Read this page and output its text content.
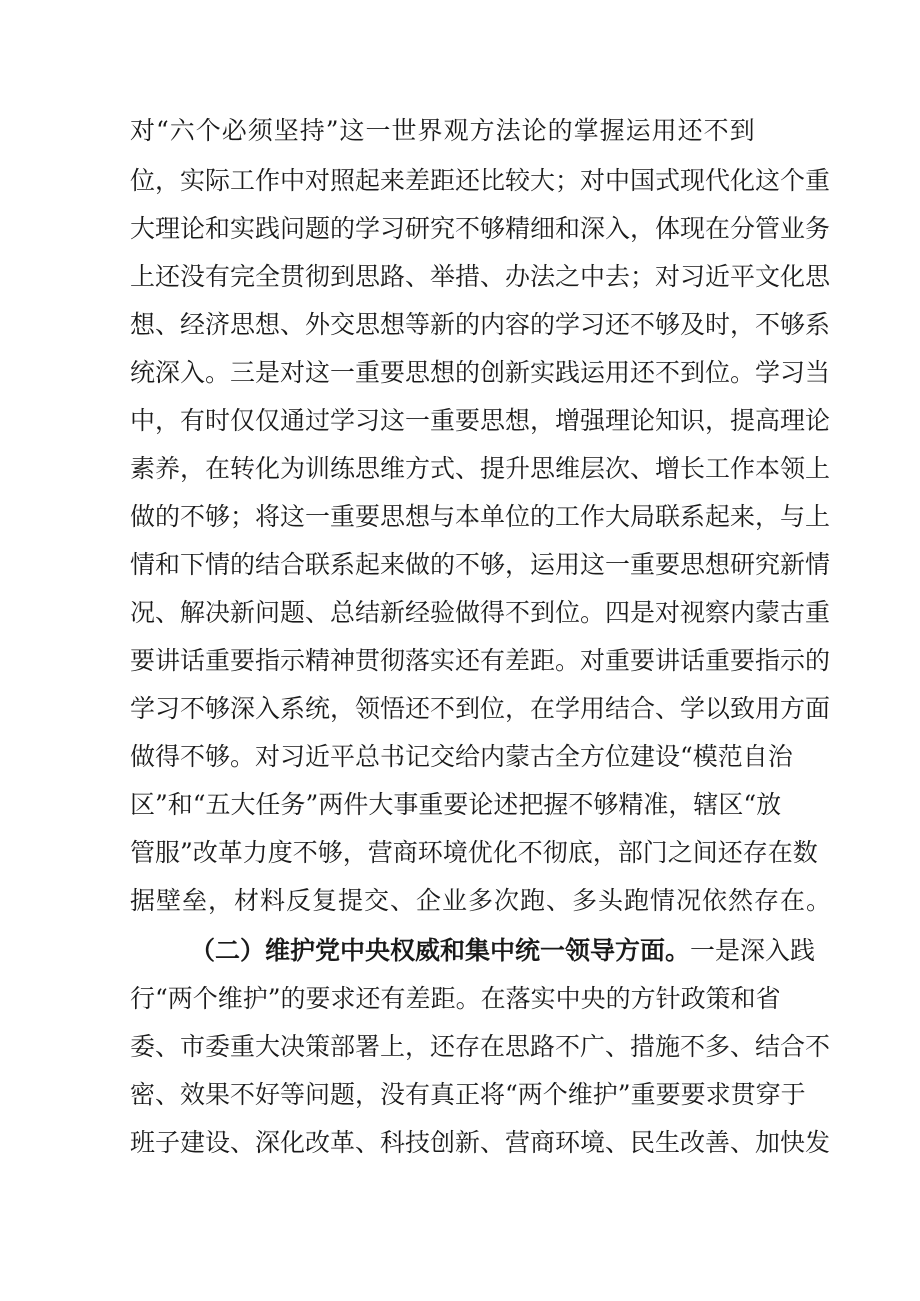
对“六个必须坚持”这一世界观方法论的掌握运用还不到
位，实际工作中对照起来差距还比较大；对中国式现代化这个重
大理论和实践问题的学习研究不够精细和深入，体现在分管业务
上还没有完全贯彻到思路、举措、办法之中去；对习近平文化思
想、经济思想、外交思想等新的内容的学习还不够及时，不够系
统深入。三是对这一重要思想的创新实践运用还不到位。学习当
中，有时仅仅通过学习这一重要思想，增强理论知识，提高理论
素养，在转化为训练思维方式、提升思维层次、增长工作本领上
做的不够；将这一重要思想与本单位的工作大局联系起来，与上
情和下情的结合联系起来做的不够，运用这一重要思想研究新情
况、解决新问题、总结新经验做得不到位。四是对视察内蒙古重
要讲话重要指示精神贯彻落实还有差距。对重要讲话重要指示的
学习不够深入系统，领悟还不到位，在学用结合、学以致用方面
做得不够。对习近平总书记交给内蒙古全方位建设“模范自治
区”和“五大任务”两件大事重要论述把握不够精准，辖区“放
管服”改革力度不够，营商环境优化不彻底，部门之间还存在数
据壁垒，材料反复提交、企业多次跑、多头跑情况依然存在。
（二）维护党中央权威和集中统一领导方面。一是深入践
行“两个维护”的要求还有差距。在落实中央的方针政策和省
委、市委重大决策部署上，还存在思路不广、措施不多、结合不
密、效果不好等问题，没有真正将“两个维护”重要要求贯穿于
班子建设、深化改革、科技创新、营商环境、民生改善、加快发
